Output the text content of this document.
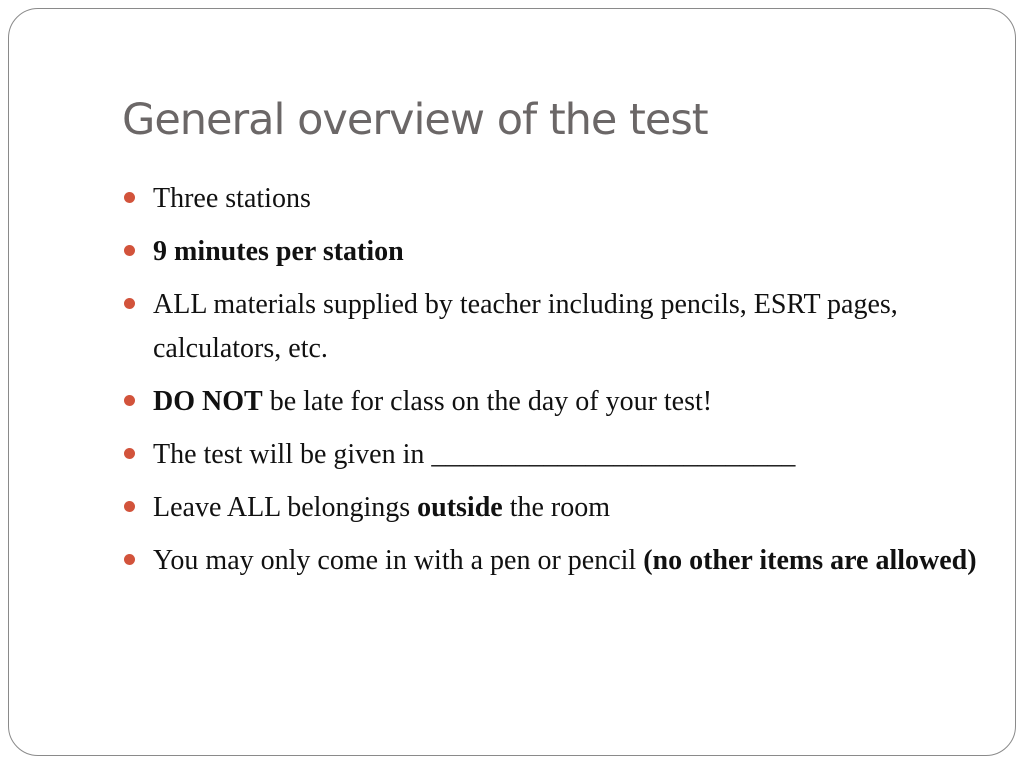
General overview of the test
Three stations
9 minutes per station
ALL materials supplied by teacher including pencils, ESRT pages, calculators, etc.
DO NOT be late for class on the day of your test!
The test will be given in __________________________
Leave ALL belongings outside the room
You may only come in with a pen or pencil (no other items are allowed)
